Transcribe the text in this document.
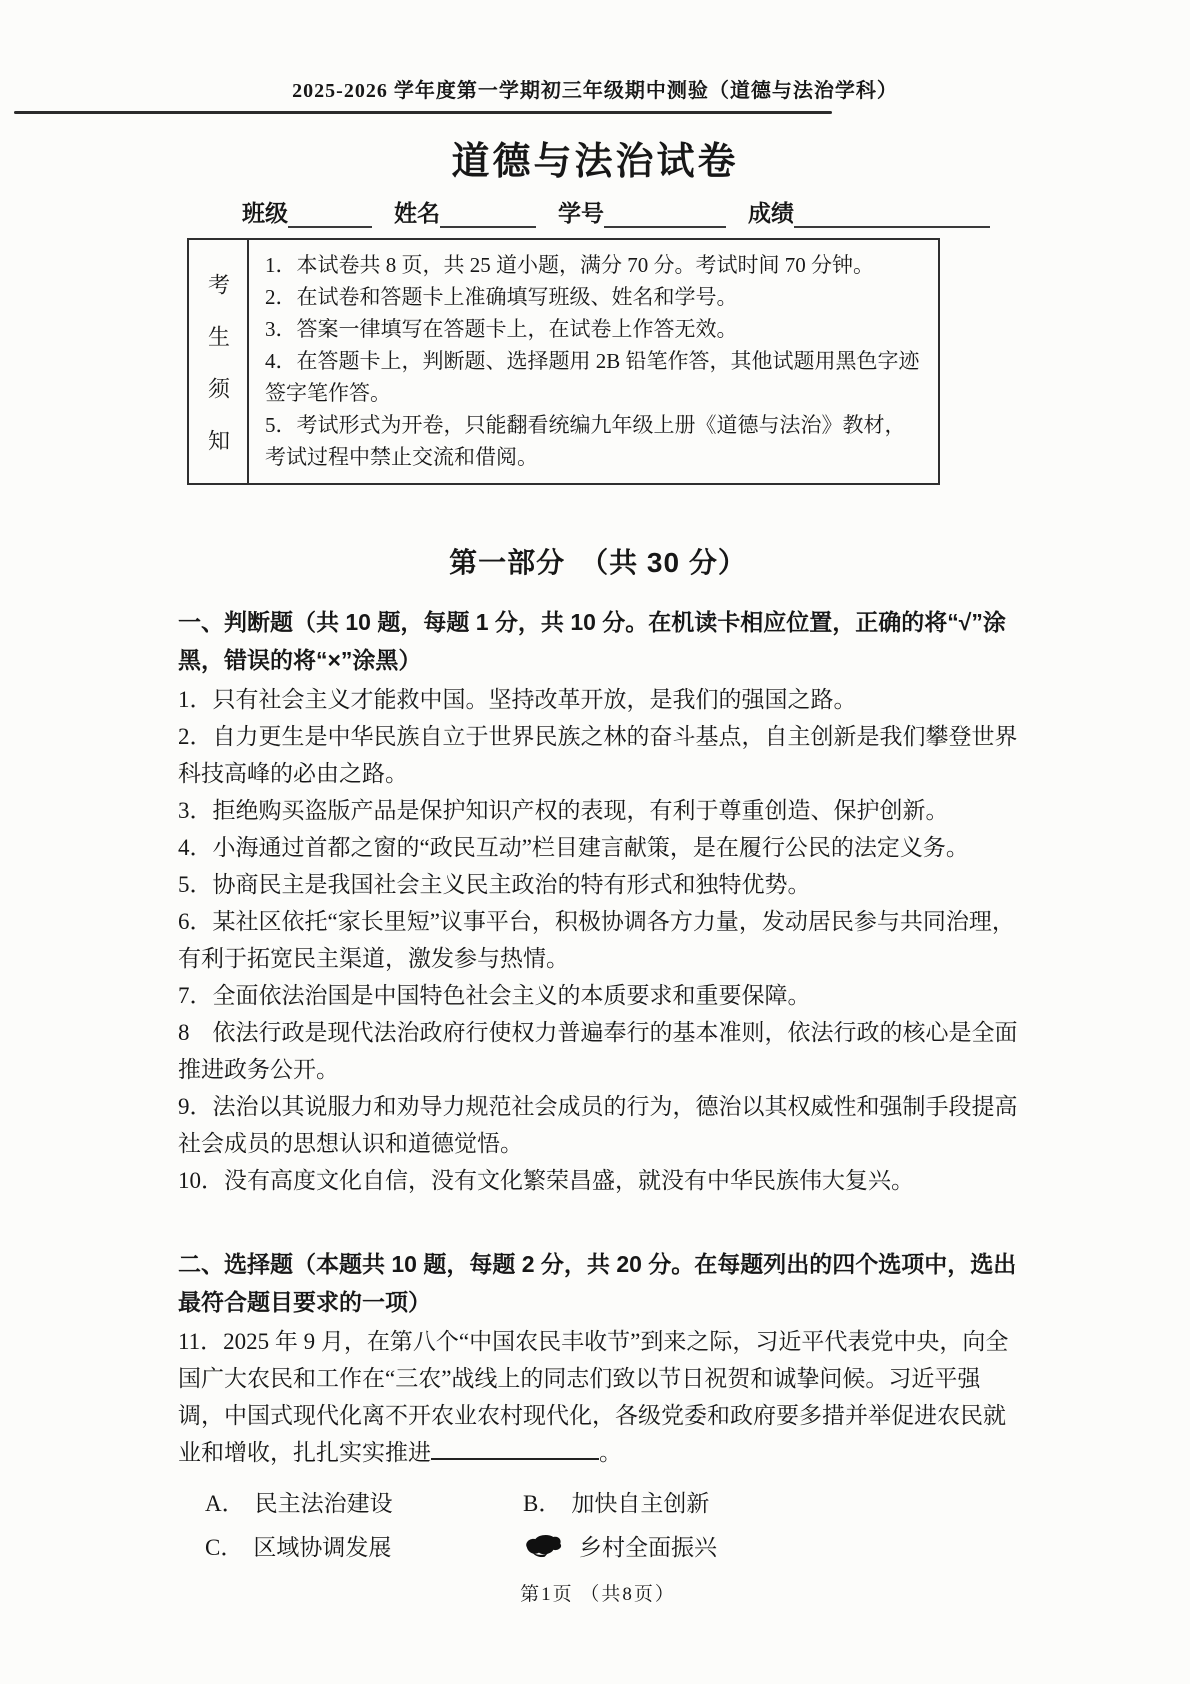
2025-2026 学年度第一学期初三年级期中测验（道德与法治学科）
道德与法治试卷
班级	姓名	学号	成绩
考生须知

1．本试卷共 8 页，共 25 道小题，满分 70 分。考试时间 70 分钟。

2．在试卷和答题卡上准确填写班级、姓名和学号。

3．答案一律填写在答题卡上，在试卷上作答无效。

4．在答题卡上，判断题、选择题用 2B 铅笔作答，其他试题用黑色字迹签字笔作答。

5．考试形式为开卷，只能翻看统编九年级上册《道德与法治》教材，考试过程中禁止交流和借阅。

第一部分　（共 30 分）

一、判断题（共 10 题，每题 1 分，共 10 分。在机读卡相应位置，正确的将“√”涂黑，错误的将“×”涂黑）

1．只有社会主义才能救中国。坚持改革开放，是我们的强国之路。

2．自力更生是中华民族自立于世界民族之林的奋斗基点，自主创新是我们攀登世界科技高峰的必由之路。

3．拒绝购买盗版产品是保护知识产权的表现，有利于尊重创造、保护创新。

4．小海通过首都之窗的“政民互动”栏目建言献策，是在履行公民的法定义务。

5．协商民主是我国社会主义民主政治的特有形式和独特优势。

6．某社区依托“家长里短”议事平台，积极协调各方力量，发动居民参与共同治理，有利于拓宽民主渠道，激发参与热情。

7．全面依法治国是中国特色社会主义的本质要求和重要保障。

8　依法行政是现代法治政府行使权力普遍奉行的基本准则，依法行政的核心是全面推进政务公开。

9．法治以其说服力和劝导力规范社会成员的行为，德治以其权威性和强制手段提高社会成员的思想认识和道德觉悟。

10．没有高度文化自信，没有文化繁荣昌盛，就没有中华民族伟大复兴。

二、选择题（本题共 10 题，每题 2 分，共 20 分。在每题列出的四个选项中，选出最符合题目要求的一项）

11．2025 年 9 月，在第八个“中国农民丰收节”到来之际，习近平代表党中央，向全国广大农民和工作在“三农”战线上的同志们致以节日祝贺和诚挚问候。习近平强调，中国式现代化离不开农业农村现代化，各级党委和政府要多措并举促进农民就业和增收，扎扎实实推进	。

A． 民主法治建设	B． 加快自主创新
C． 区域协调发展	乡村全面振兴
第1页 （共8页）
